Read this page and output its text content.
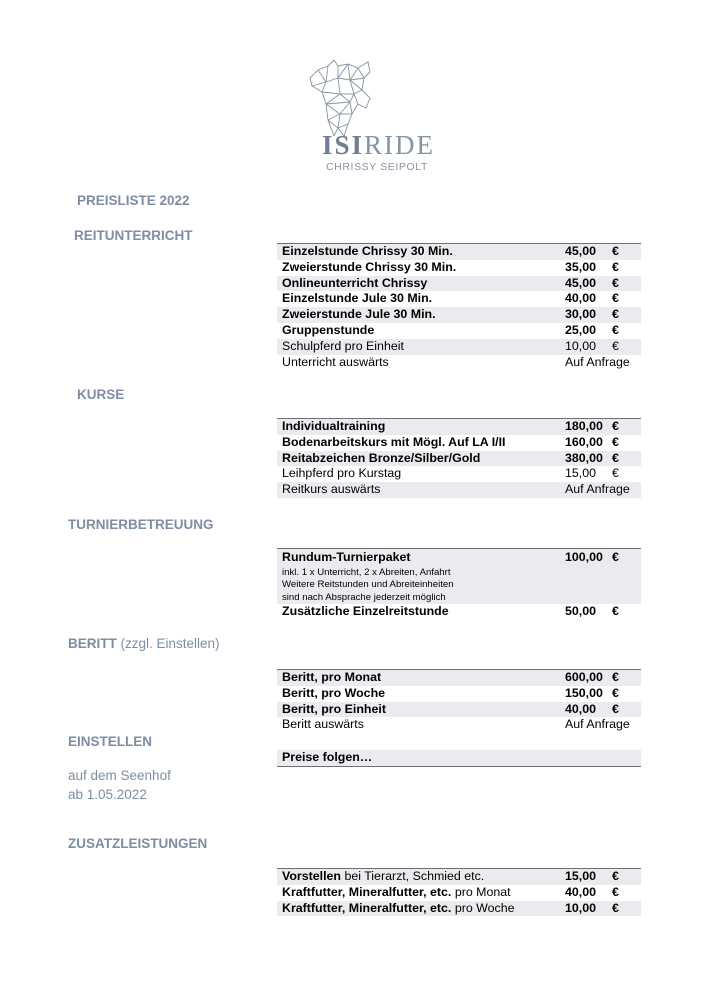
ISIRIDE
CHRISSY SEIPOLT
PREISLISTE 2022
REITUNTERRICHT
Einzelstunde Chrissy 30 Min.	45,00 €
Zweierstunde Chrissy 30 Min.	35,00 €
Onlineunterricht Chrissy	45,00 €
Einzelstunde Jule 30 Min.	40,00 €
Zweierstunde Jule 30 Min.	30,00 €
Gruppenstunde	25,00 €
Schulpferd pro Einheit	10,00 €
Unterricht auswärts	Auf Anfrage
KURSE
Individualtraining	180,00 €
Bodenarbeitskurs mit Mögl. Auf LA I/II	160,00 €
Reitabzeichen Bronze/Silber/Gold	380,00 €
Leihpferd pro Kurstag	15,00 €
Reitkurs auswärts	Auf Anfrage
TURNIERBETREUUNG
Rundum-Turnierpaket	100,00 €
inkl. 1 x Unterricht, 2 x Abreiten, Anfahrt
Weitere Reitstunden und Abreiteinheiten
sind nach Absprache jederzeit möglich
Zusätzliche Einzelreitstunde	50,00 €
BERITT (zzgl. Einstellen)
Beritt, pro Monat	600,00 €
Beritt, pro Woche	150,00 €
Beritt, pro Einheit	40,00 €
Beritt auswärts	Auf Anfrage
EINSTELLEN
Preise folgen…
auf dem Seenhof
ab 1.05.2022
ZUSATZLEISTUNGEN
Vorstellen bei Tierarzt, Schmied etc.	15,00 €
Kraftfutter, Mineralfutter, etc. pro Monat	40,00 €
Kraftfutter, Mineralfutter, etc. pro Woche	10,00 €
